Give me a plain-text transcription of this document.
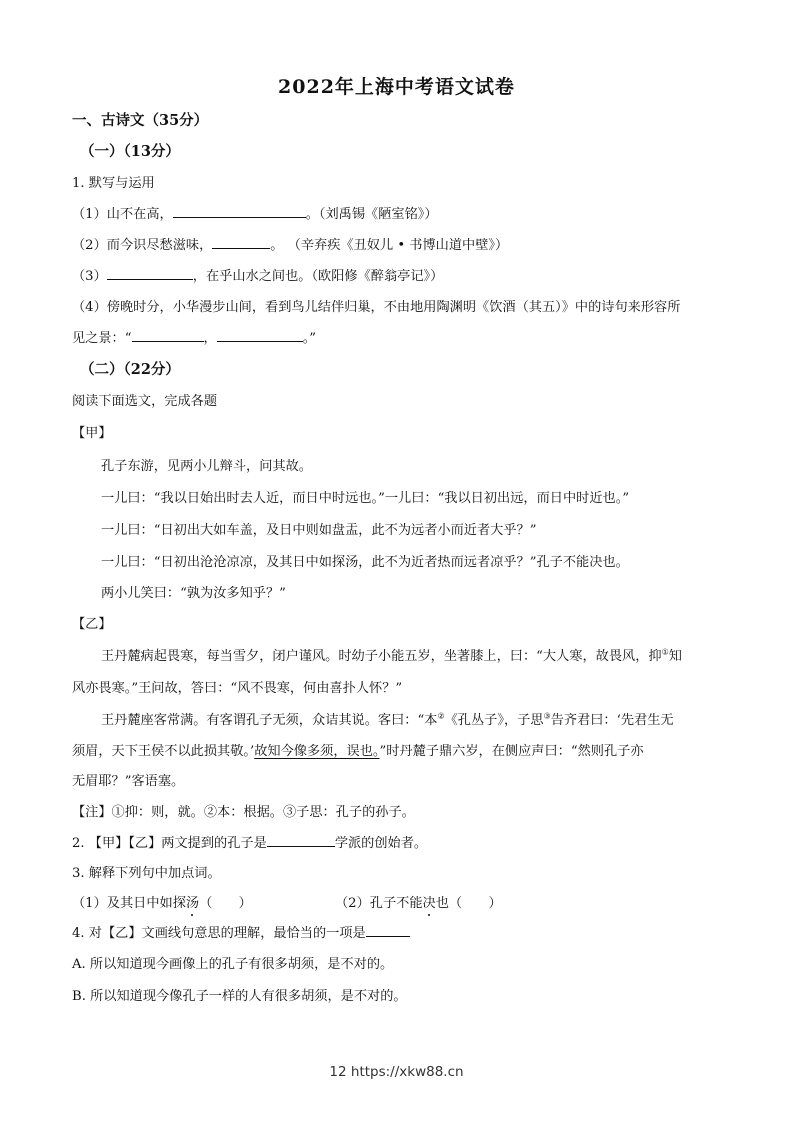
2022年上海中考语文试卷
一、古诗文（35分）
（一）（13分）
1. 默写与运用
（1）山不在高，	。（刘禹锡《陋室铭》）
（2）而今识尽愁滋味，	。 （辛弃疾《丑奴儿 • 书博山道中壁》）
（3）	，在乎山水之间也。（欧阳修《醉翁亭记》）
（4）傍晚时分，小华漫步山间，看到鸟儿结伴归巢，不由地用陶渊明《饮酒（其五）》中的诗句来形容所
见之景：“	，	。”
（二）（22分）
阅读下面选文，完成各题
【甲】
孔子东游，见两小儿辩斗，问其故。
一儿曰：“我以日始出时去人近，而日中时远也。”一儿曰：“我以日初出远，而日中时近也。”
一儿曰：“日初出大如车盖，及日中则如盘盂，此不为远者小而近者大乎？”
一儿曰：“日初出沧沧凉凉，及其日中如探汤，此不为近者热而远者凉乎？”孔子不能决也。
两小儿笑曰：“孰为汝多知乎？”
【乙】
王丹麓病起畏寒，每当雪夕，闭户谨风。时幼子小能五岁，坐著膝上，曰：“大人寒，故畏风，抑①知
风亦畏寒。”王问故，答曰：“风不畏寒，何由喜扑人怀？”
王丹麓座客常满。有客谓孔子无须，众诘其说。客曰：“本②《孔丛子》，子思③告齐君曰：‘先君生无
须眉，天下王侯不以此损其敬。’故知今像多须，误也。”时丹麓子鼎六岁，在侧应声曰：“然则孔子亦
无眉耶？”客语塞。
【注】①抑：则，就。②本：根据。③子思：孔子的孙子。
2. 【甲】【乙】两文提到的孔子是	学派的创始者。
3. 解释下列句中加点词。
（1）及其日中如探汤（　　）	（2）孔子不能决也（　　）
4. 对【乙】文画线句意思的理解，最恰当的一项是
A. 所以知道现今画像上的孔子有很多胡须，是不对的。
B. 所以知道现今像孔子一样的人有很多胡须，是不对的。
12 https://xkw88.cn
